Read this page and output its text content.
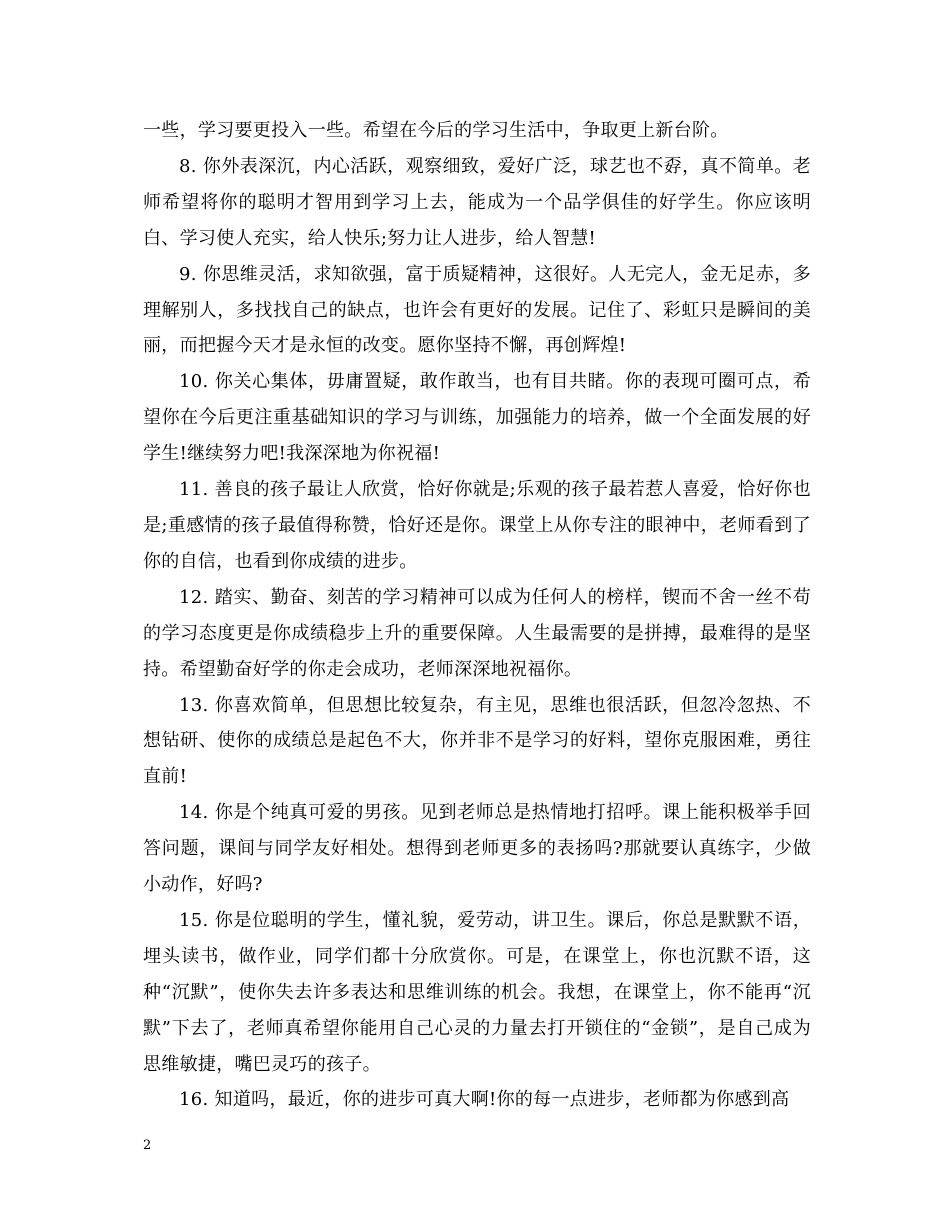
一些，学习要更投入一些。希望在今后的学习生活中，争取更上新台阶。

8. 你外表深沉，内心活跃，观察细致，爱好广泛，球艺也不孬，真不简单。老师希望将你的聪明才智用到学习上去，能成为一个品学俱佳的好学生。你应该明白、学习使人充实，给人快乐;努力让人进步，给人智慧!

9. 你思维灵活，求知欲强，富于质疑精神，这很好。人无完人，金无足赤，多理解别人，多找找自己的缺点，也许会有更好的发展。记住了、彩虹只是瞬间的美丽，而把握今天才是永恒的改变。愿你坚持不懈，再创辉煌!

10. 你关心集体，毋庸置疑，敢作敢当，也有目共睹。你的表现可圈可点，希望你在今后更注重基础知识的学习与训练，加强能力的培养，做一个全面发展的好学生!继续努力吧!我深深地为你祝福!

11. 善良的孩子最让人欣赏，恰好你就是;乐观的孩子最若惹人喜爱，恰好你也是;重感情的孩子最值得称赞，恰好还是你。课堂上从你专注的眼神中，老师看到了你的自信，也看到你成绩的进步。

12. 踏实、勤奋、刻苦的学习精神可以成为任何人的榜样，锲而不舍一丝不苟的学习态度更是你成绩稳步上升的重要保障。人生最需要的是拼搏，最难得的是坚持。希望勤奋好学的你走会成功，老师深深地祝福你。

13. 你喜欢简单，但思想比较复杂，有主见，思维也很活跃，但忽冷忽热、不想钻研、使你的成绩总是起色不大，你并非不是学习的好料，望你克服困难，勇往直前!

14. 你是个纯真可爱的男孩。见到老师总是热情地打招呼。课上能积极举手回答问题，课间与同学友好相处。想得到老师更多的表扬吗?那就要认真练字，少做小动作，好吗?

15. 你是位聪明的学生，懂礼貌，爱劳动，讲卫生。课后，你总是默默不语，埋头读书，做作业，同学们都十分欣赏你。可是，在课堂上，你也沉默不语，这种“沉默”，使你失去许多表达和思维训练的机会。我想，在课堂上，你不能再“沉默”下去了，老师真希望你能用自己心灵的力量去打开锁住的“金锁”，是自己成为思维敏捷，嘴巴灵巧的孩子。

16. 知道吗，最近，你的进步可真大啊!你的每一点进步，老师都为你感到高

2
